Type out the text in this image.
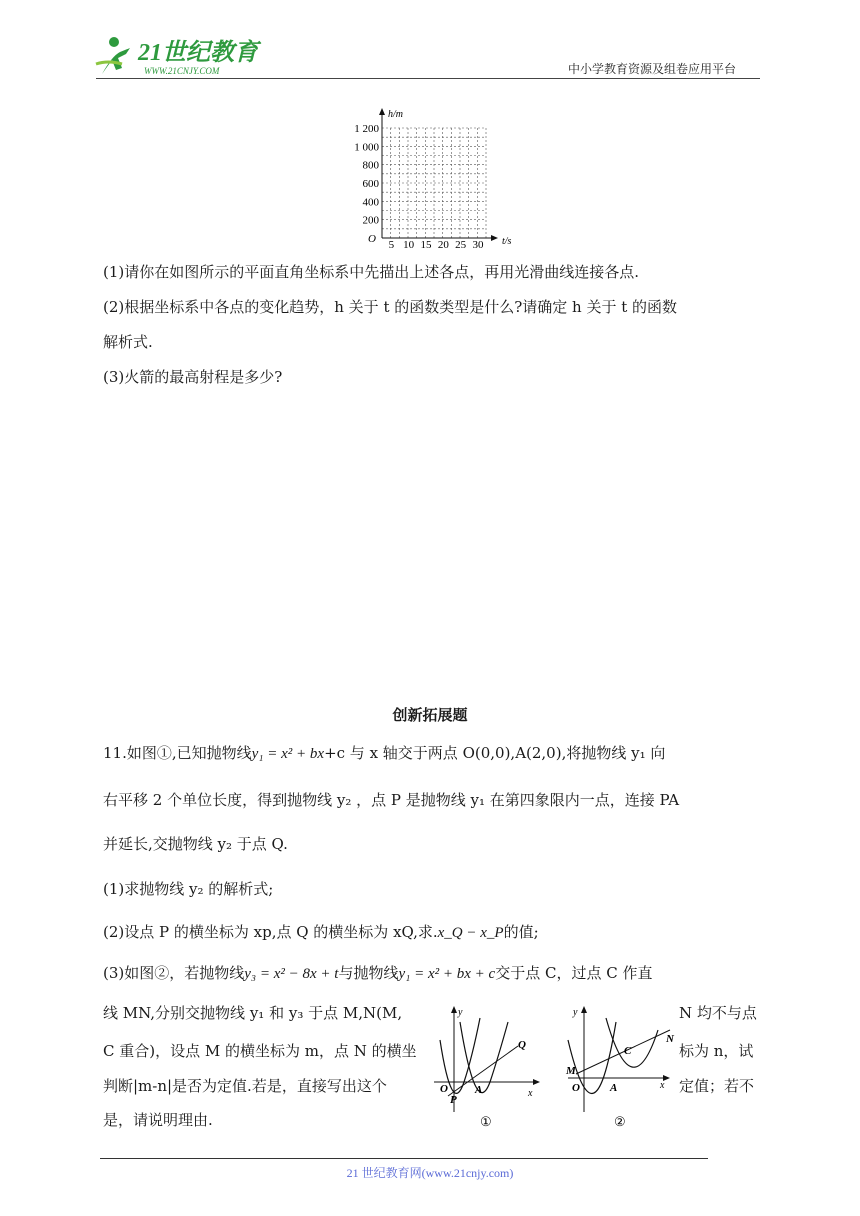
21世纪教育
WWW.21CNJY.COM	中小学教育资源及组卷应用平台
h/m
t/s
O
200
400
600
800
1 000
1 200
5 10 15 20 25 30
(1)请你在如图所示的平面直角坐标系中先描出上述各点，再用光滑曲线连接各点.
(2)根据坐标系中各点的变化趋势，h 关于 t 的函数类型是什么?请确定 h 关于 t 的函数
解析式.
(3)火箭的最高射程是多少?
创新拓展题
11.如图①,已知抛物线y₁ = x² + bx+c 与 x 轴交于两点 O(0,0),A(2,0),将抛物线 y₁ 向
右平移 2 个单位长度，得到抛物线 y₂ ，点 P 是抛物线 y₁ 在第四象限内一点，连接 PA
并延长,交抛物线 y₂ 于点 Q.
(1)求抛物线 y₂ 的解析式;
(2)设点 P 的横坐标为 xp,点 Q 的横坐标为 xQ,求.x_Q − x_P的值;
(3)如图②，若抛物线y₃ = x² − 8x + t与抛物线y₁ = x² + bx + c交于点 C，过点 C 作直
线 MN,分别交抛物线 y₁ 和 y₃ 于点 M,N(M,
C 重合)，设点 M 的横坐标为 m，点 N 的横坐
判断|m-n|是否为定值.若是，直接写出这个
是，请说明理由.
N 均不与点
标为 n，试
定值；若不
y
O
P
A
Q
x
①
y
M
O	A
C
N
x
②
21 世纪教育网(www.21cnjy.com)
